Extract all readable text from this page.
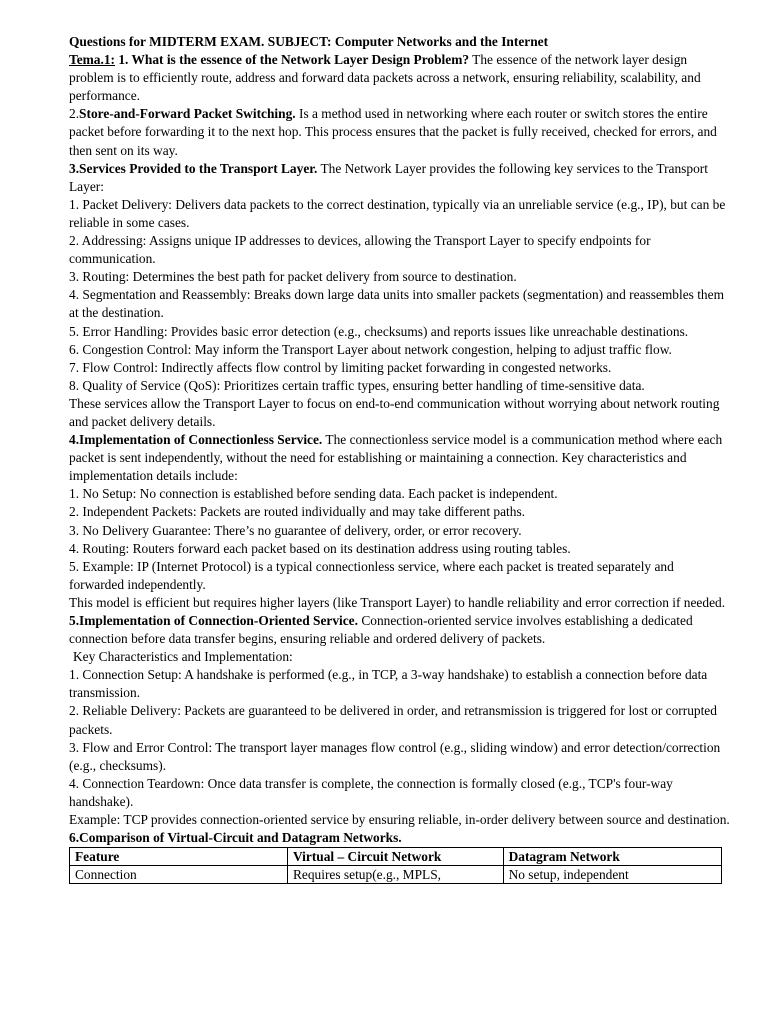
Questions for MIDTERM EXAM. SUBJECT: Computer Networks and the Internet

Tema.1: 1. What is the essence of the Network Layer Design Problem? The essence of the network layer design problem is to efficiently route, address and forward data packets across a network, ensuring reliability, scalability, and performance.

2.Store-and-Forward Packet Switching. Is a method used in networking where each router or switch stores the entire packet before forwarding it to the next hop. This process ensures that the packet is fully received, checked for errors, and then sent on its way.

3.Services Provided to the Transport Layer. The Network Layer provides the following key services to the Transport Layer:

1. Packet Delivery: Delivers data packets to the correct destination, typically via an unreliable service (e.g., IP), but can be reliable in some cases.

2. Addressing: Assigns unique IP addresses to devices, allowing the Transport Layer to specify endpoints for communication.

3. Routing: Determines the best path for packet delivery from source to destination.

4. Segmentation and Reassembly: Breaks down large data units into smaller packets (segmentation) and reassembles them at the destination.

5. Error Handling: Provides basic error detection (e.g., checksums) and reports issues like unreachable destinations.

6. Congestion Control: May inform the Transport Layer about network congestion, helping to adjust traffic flow.

7. Flow Control: Indirectly affects flow control by limiting packet forwarding in congested networks.

8. Quality of Service (QoS): Prioritizes certain traffic types, ensuring better handling of time-sensitive data.

These services allow the Transport Layer to focus on end-to-end communication without worrying about network routing and packet delivery details.

4.Implementation of Connectionless Service. The connectionless service model is a communication method where each packet is sent independently, without the need for establishing or maintaining a connection. Key characteristics and implementation details include:

1. No Setup: No connection is established before sending data. Each packet is independent.

2. Independent Packets: Packets are routed individually and may take different paths.

3. No Delivery Guarantee: There’s no guarantee of delivery, order, or error recovery.

4. Routing: Routers forward each packet based on its destination address using routing tables.

5. Example: IP (Internet Protocol) is a typical connectionless service, where each packet is treated separately and forwarded independently.

This model is efficient but requires higher layers (like Transport Layer) to handle reliability and error correction if needed.

5.Implementation of Connection-Oriented Service. Connection-oriented service involves establishing a dedicated connection before data transfer begins, ensuring reliable and ordered delivery of packets.

Key Characteristics and Implementation:

1. Connection Setup: A handshake is performed (e.g., in TCP, a 3-way handshake) to establish a connection before data transmission.

2. Reliable Delivery: Packets are guaranteed to be delivered in order, and retransmission is triggered for lost or corrupted packets.

3. Flow and Error Control: The transport layer manages flow control (e.g., sliding window) and error detection/correction (e.g., checksums).

4. Connection Teardown: Once data transfer is complete, the connection is formally closed (e.g., TCP's four-way handshake).

Example: TCP provides connection-oriented service by ensuring reliable, in-order delivery between source and destination.

6.Comparison of Virtual-Circuit and Datagram Networks.

Feature	Virtual – Circuit Network	Datagram Network
Connection	Requires setup(e.g., MPLS,	No setup, independent
